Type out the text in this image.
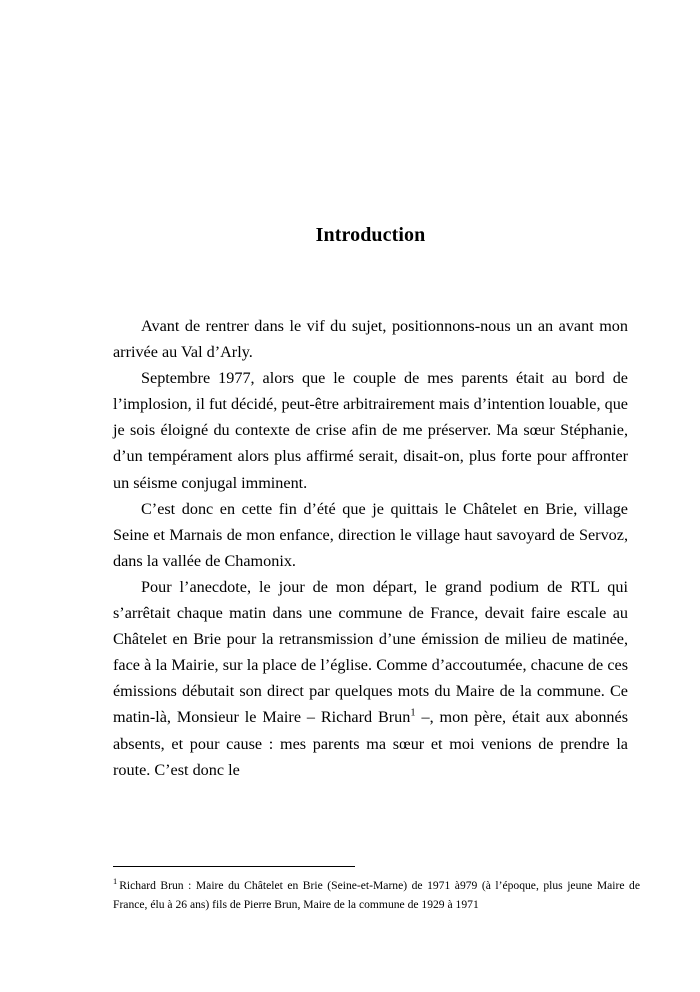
Introduction

Avant de rentrer dans le vif du sujet, positionnons-nous un an avant mon arrivée au Val d’Arly.

Septembre 1977, alors que le couple de mes parents était au bord de l’implosion, il fut décidé, peut-être arbitrairement mais d’intention louable, que je sois éloigné du contexte de crise afin de me préserver. Ma sœur Stéphanie, d’un tempérament alors plus affirmé serait, disait-on, plus forte pour affronter un séisme conjugal imminent.

C’est donc en cette fin d’été que je quittais le Châtelet en Brie, village Seine et Marnais de mon enfance, direction le village haut savoyard de Servoz, dans la vallée de Chamonix.

Pour l’anecdote, le jour de mon départ, le grand podium de RTL qui s’arrêtait chaque matin dans une commune de France, devait faire escale au Châtelet en Brie pour la retransmission d’une émission de milieu de matinée, face à la Mairie, sur la place de l’église. Comme d’accoutumée, chacune de ces émissions débutait son direct par quelques mots du Maire de la commune. Ce matin-là, Monsieur le Maire – Richard Brun$^1$ –, mon père, était aux abonnés absents, et pour cause : mes parents ma sœur et moi venions de prendre la route. C’est donc le

$^1$ Richard Brun : Maire du Châtelet en Brie (Seine-et-Marne) de 1971 à979 (à l’époque, plus jeune Maire de France, élu à 26 ans) fils de Pierre Brun, Maire de la commune de 1929 à 1971
